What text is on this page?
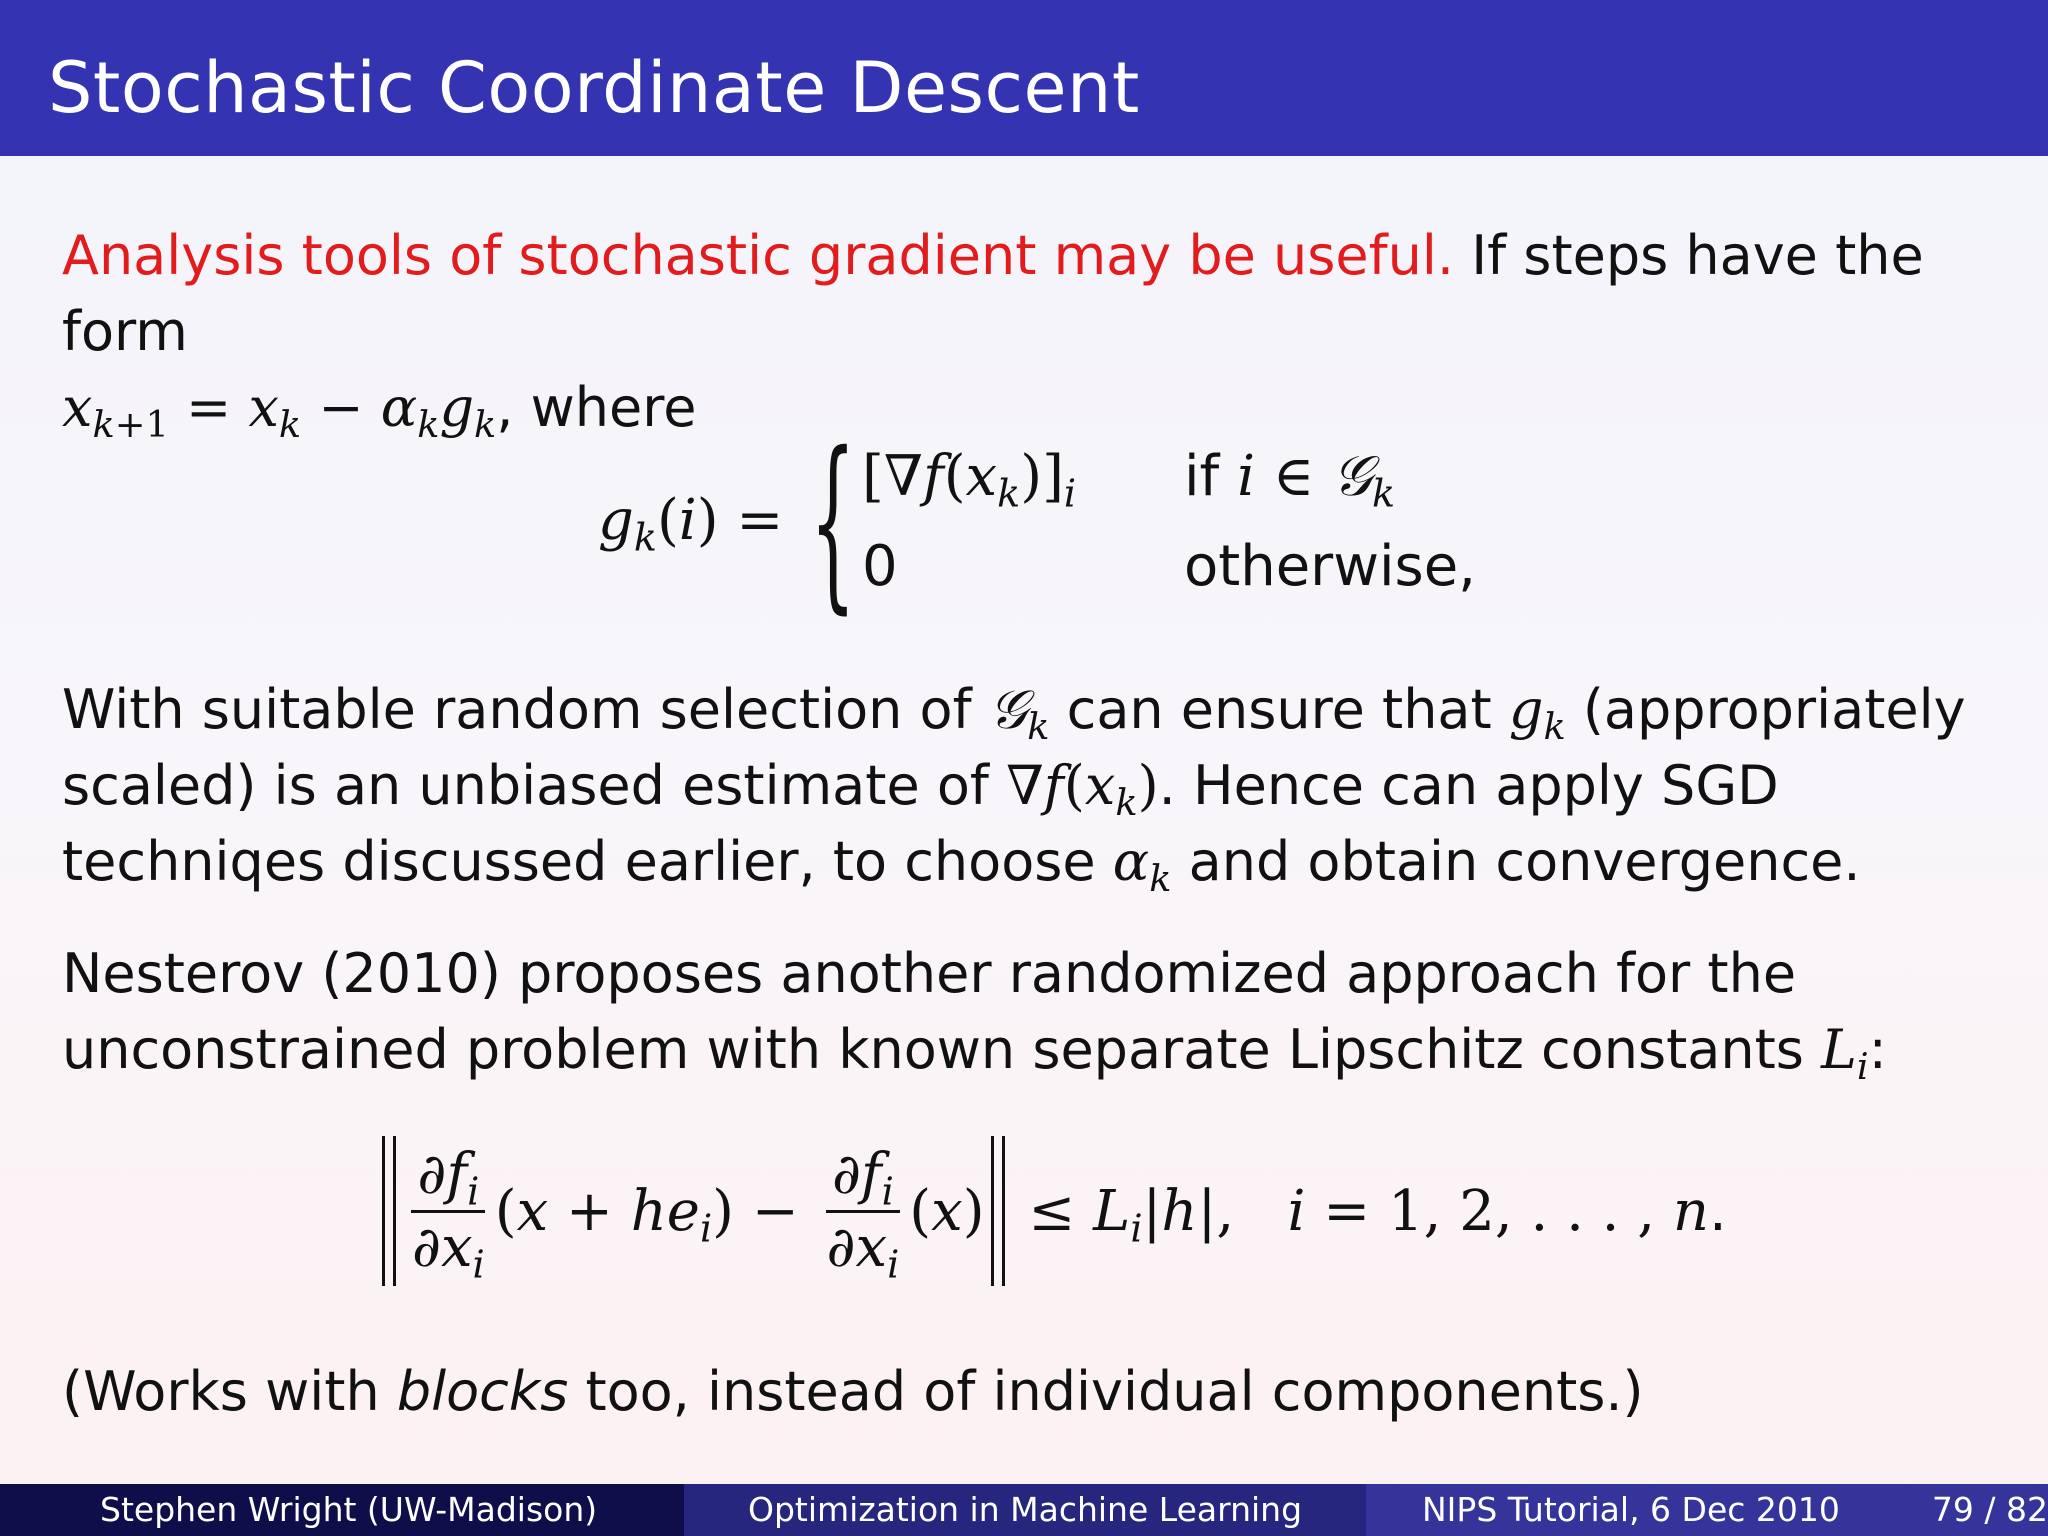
Stochastic Coordinate Descent
Analysis tools of stochastic gradient may be useful. If steps have the form
$x_{k+1} = x_k - \alpha_kg_k$, where
$g_k(i)$ = { $[\nabla f(x_k)]_i$ if i ∈ 𝒢$_k$
0	otherwise,
With suitable random selection of 𝒢$_k$ can ensure that $g_k$ (appropriately
scaled) is an unbiased estimate of $\nabla f(x_k)$. Hence can apply SGD
techniqes discussed earlier, to choose $\alpha_k$ and obtain convergence.
Nesterov (2010) proposes another randomized approach for the
unconstrained problem with known separate Lipschitz constants $L_i$:
$\frac{\partial f_i}{\partial x_i}$ ( x
+
$he_i$ )
−
$\frac{\partial f_i}{\partial x_i}$ ( x )
≤
$L_i$ | h |,
i
=
1, 2, . . . ,
n .
(Works with blocks too, instead of individual components.)
Stephen Wright (UW-Madison)	Optimization in Machine Learning	NIPS Tutorial, 6 Dec 2010	79 / 82
